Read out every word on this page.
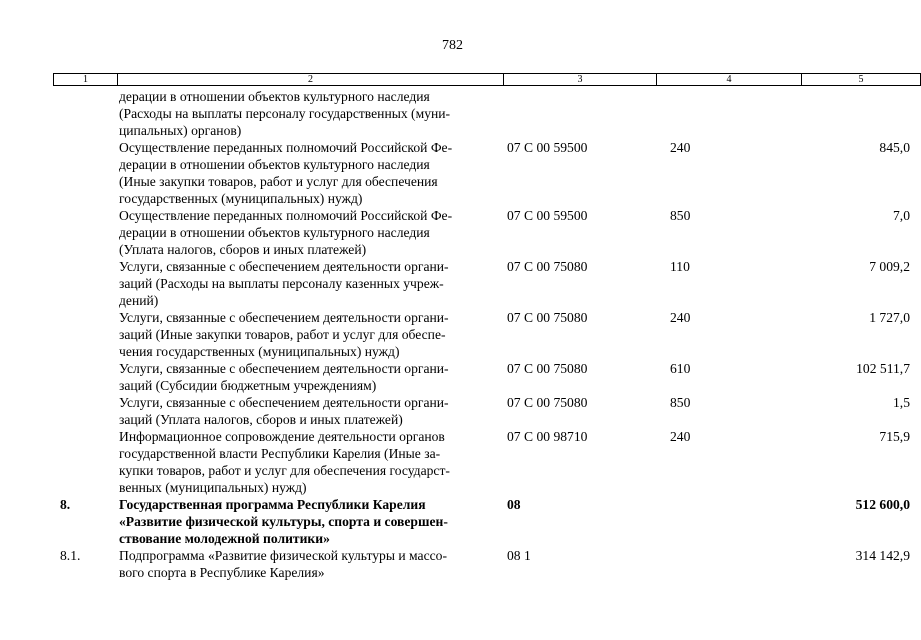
782
1	2	3	4	5
	дерации в отношении объектов культурного наследия
(Расходы на выплаты персоналу государственных (муни-
ципальных) органов)			
	Осуществление переданных полномочий Российской Фе-
дерации в отношении объектов культурного наследия
(Иные закупки товаров, работ и услуг для обеспечения
государственных (муниципальных) нужд)	07 С 00 59500	240	845,0
	Осуществление переданных полномочий Российской Фе-
дерации в отношении объектов культурного наследия
(Уплата налогов, сборов и иных платежей)	07 С 00 59500	850	7,0
	Услуги, связанные с обеспечением деятельности органи-
заций (Расходы на выплаты персоналу казенных учреж-
дений)	07 С 00 75080	110	7 009,2
	Услуги, связанные с обеспечением деятельности органи-
заций (Иные закупки товаров, работ и услуг для обеспе-
чения государственных (муниципальных) нужд)	07 С 00 75080	240	1 727,0
	Услуги, связанные с обеспечением деятельности органи-
заций (Субсидии бюджетным учреждениям)	07 С 00 75080	610	102 511,7
	Услуги, связанные с обеспечением деятельности органи-
заций (Уплата налогов, сборов и иных платежей)	07 С 00 75080	850	1,5
	Информационное сопровождение деятельности органов
государственной власти Республики Карелия (Иные за-
купки товаров, работ и услуг для обеспечения государст-
венных (муниципальных) нужд)	07 С 00 98710	240	715,9
8.	Государственная программа Республики Карелия
«Развитие физической культуры, спорта и совершен-
ствование молодежной политики»	08		512 600,0
8.1.	Подпрограмма «Развитие физической культуры и массо-
вого спорта в Республике Карелия»	08 1		314 142,9
